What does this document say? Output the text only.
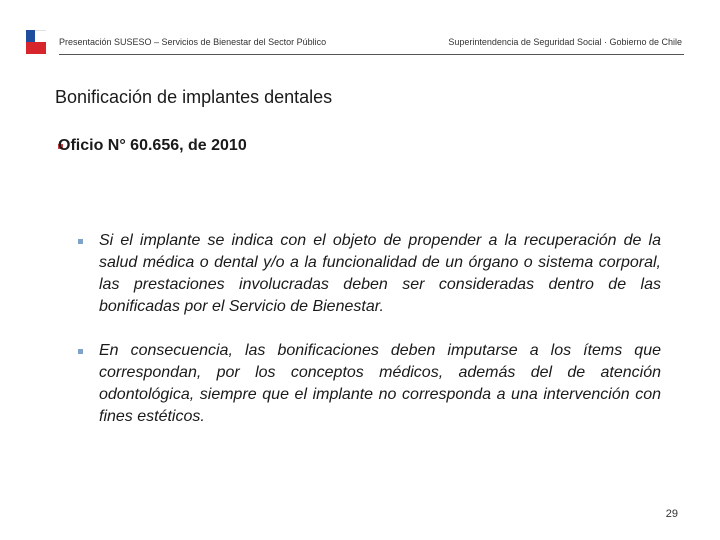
Presentación SUSESO – Servicios de Bienestar del Sector Público	Superintendencia de Seguridad Social · Gobierno de Chile
Bonificación de implantes dentales
Oficio N° 60.656, de 2010
Si el implante se indica con el objeto de propender a la recuperación de la salud médica o dental y/o a la funcionalidad de un órgano o sistema corporal, las prestaciones involucradas deben ser consideradas dentro de las bonificadas por el Servicio de Bienestar.
En consecuencia, las bonificaciones deben imputarse a los ítems que correspondan, por los conceptos médicos, además del de atención odontológica, siempre que el implante no corresponda a una intervención con fines estéticos.
29
